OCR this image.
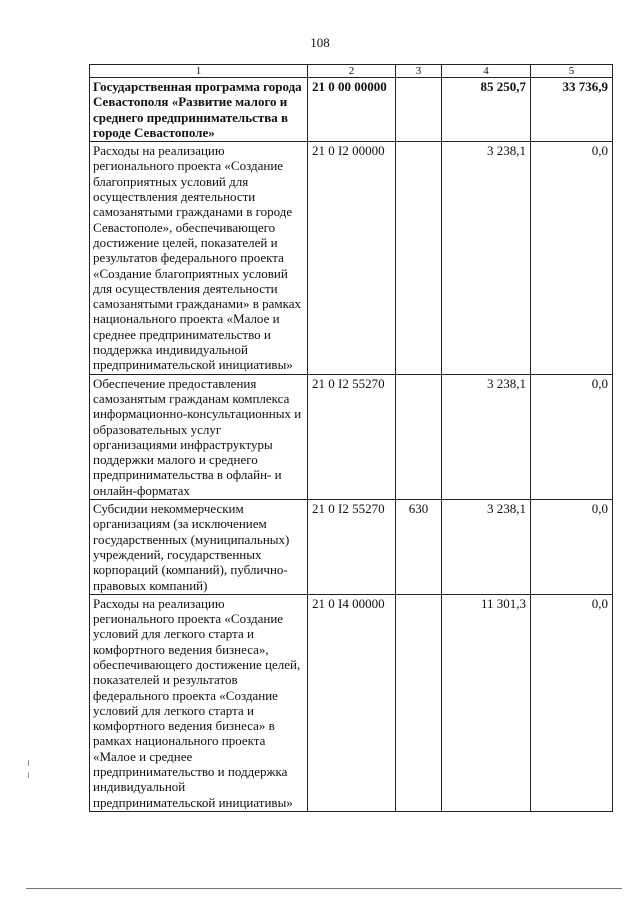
108
1	2	3	4	5
Государственная программа города Севастополя «Развитие малого и среднего предпринимательства в городе Севастополе»	21 0 00 00000		85 250,7	33 736,9
Расходы на реализацию регионального проекта «Создание благоприятных условий для осуществления деятельности самозанятыми гражданами в городе Севастополе», обеспечивающего достижение целей, показателей и результатов федерального проекта «Создание благоприятных условий для осуществления деятельности самозанятыми гражданами» в рамках национального проекта «Малое и среднее предпринимательство и поддержка индивидуальной предпринимательской инициативы»	21 0 I2 00000		3 238,1	0,0
Обеспечение предоставления самозанятым гражданам комплекса информационно-консультационных и образовательных услуг организациями инфраструктуры поддержки малого и среднего предпринимательства в офлайн- и онлайн-форматах	21 0 I2 55270		3 238,1	0,0
Субсидии некоммерческим организациям (за исключением государственных (муниципальных) учреждений, государственных корпораций (компаний), публично-правовых компаний)	21 0 I2 55270	630	3 238,1	0,0
Расходы на реализацию регионального проекта «Создание условий для легкого старта и комфортного ведения бизнеса», обеспечивающего достижение целей, показателей и результатов федерального проекта «Создание условий для легкого старта и комфортного ведения бизнеса» в рамках национального проекта «Малое и среднее предпринимательство и поддержка индивидуальной предпринимательской инициативы»	21 0 I4 00000		11 301,3	0,0
